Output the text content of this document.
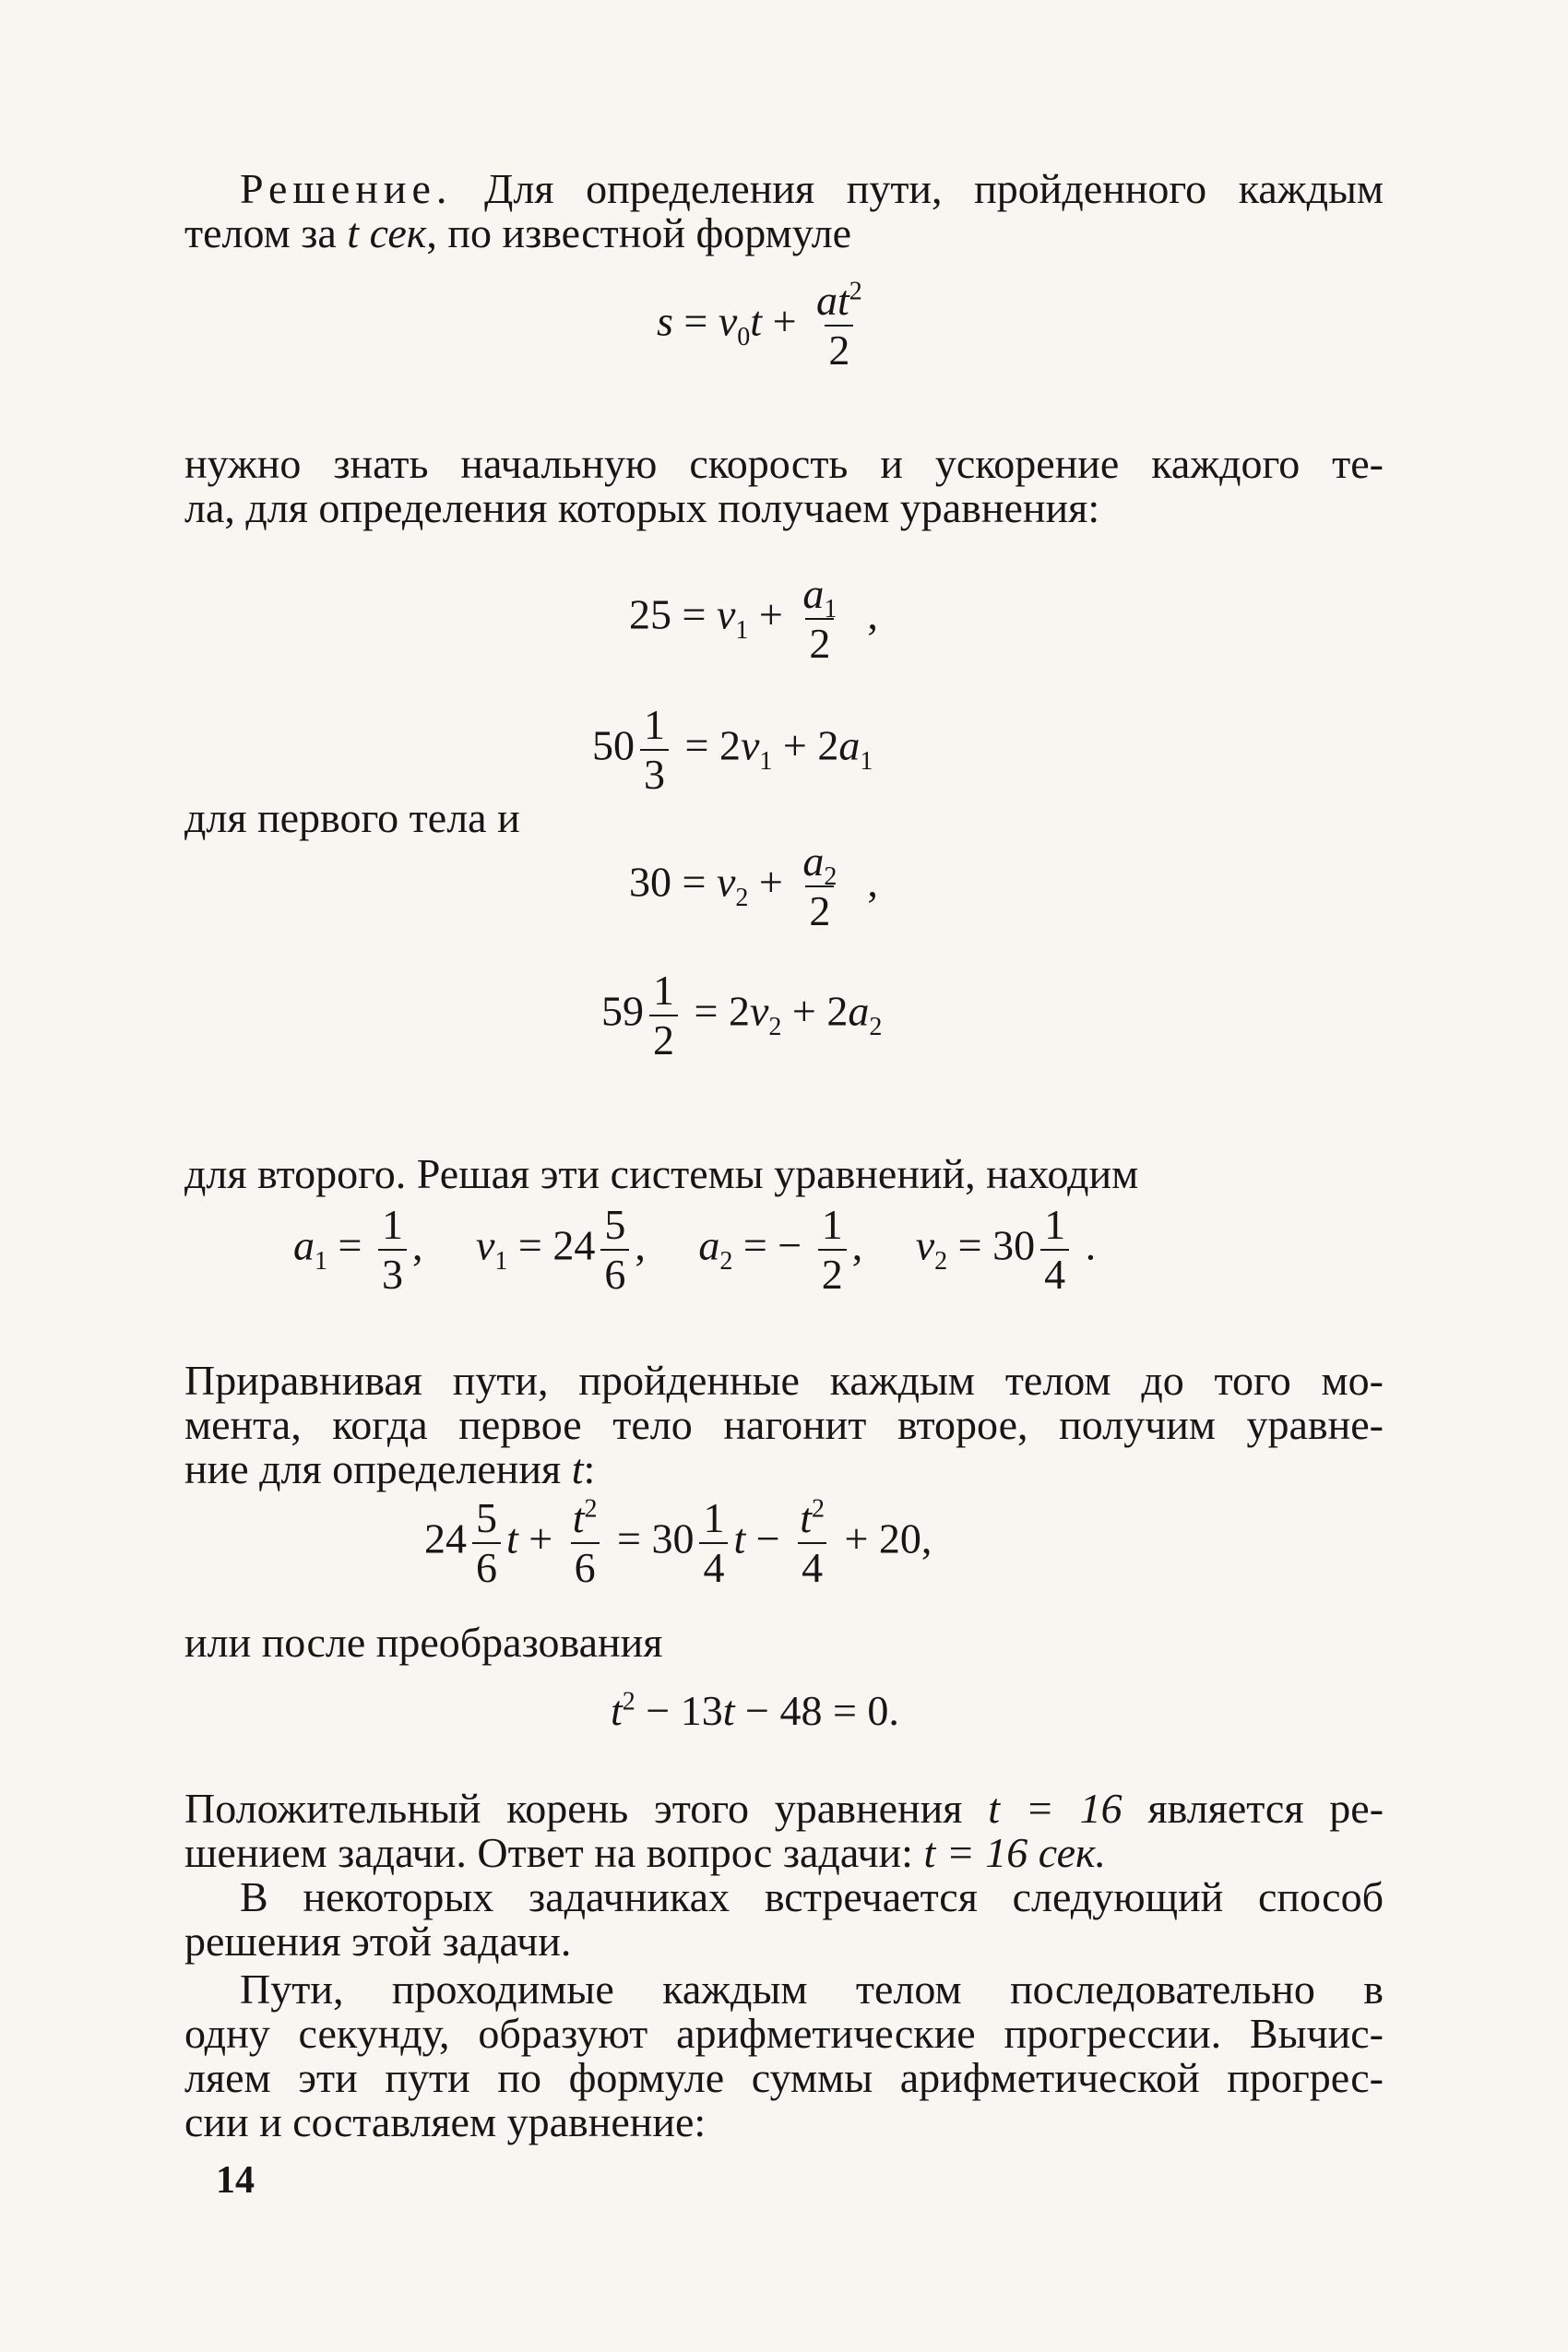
Решение. Для определения пути, пройденного каждым
телом за t сек, по известной формуле
$s = v_0t + \frac{at^2}{2}$
нужно знать начальную скорость и ускорение каждого те-
ла, для определения которых получаем уравнения:
$25 = v_1 + \frac{a_1}{2}$ ,
$50 \frac{1}{3} = 2v_1 + 2a_1$
для первого тела и
$30 = v_2 + \frac{a_2}{2}$ ,
$59 \frac{1}{2} = 2v_2 + 2a_2$
для второго. Решая эти системы уравнений, находим
$a_1 = \frac{1}{3}$ , $v_1 = 24 \frac{5}{6}$ , $a_2$ = − $\frac{1}{2}$ , $v_2 = 30 \frac{1}{4}$ .
Приравнивая пути, пройденные каждым телом до того мо-
мента, когда первое тело нагонит второе, получим уравне-
ние для определения t:
$24 \frac{5}{6}$ $t + \frac{t^2}{6} = 30 \frac{1}{4}$ $t - \frac{t^2}{4} + 20$,
или после преобразования
$t^2 - 13t - 48 = 0$.
Положительный корень этого уравнения t = 16 является ре-
шением задачи. Ответ на вопрос задачи: t = 16 сек.
В некоторых задачниках встречается следующий способ
решения этой задачи.
Пути, проходимые каждым телом последовательно в
одну секунду, образуют арифметические прогрессии. Вычис-
ляем эти пути по формуле суммы арифметической прогрес-
сии и составляем уравнение:
14
